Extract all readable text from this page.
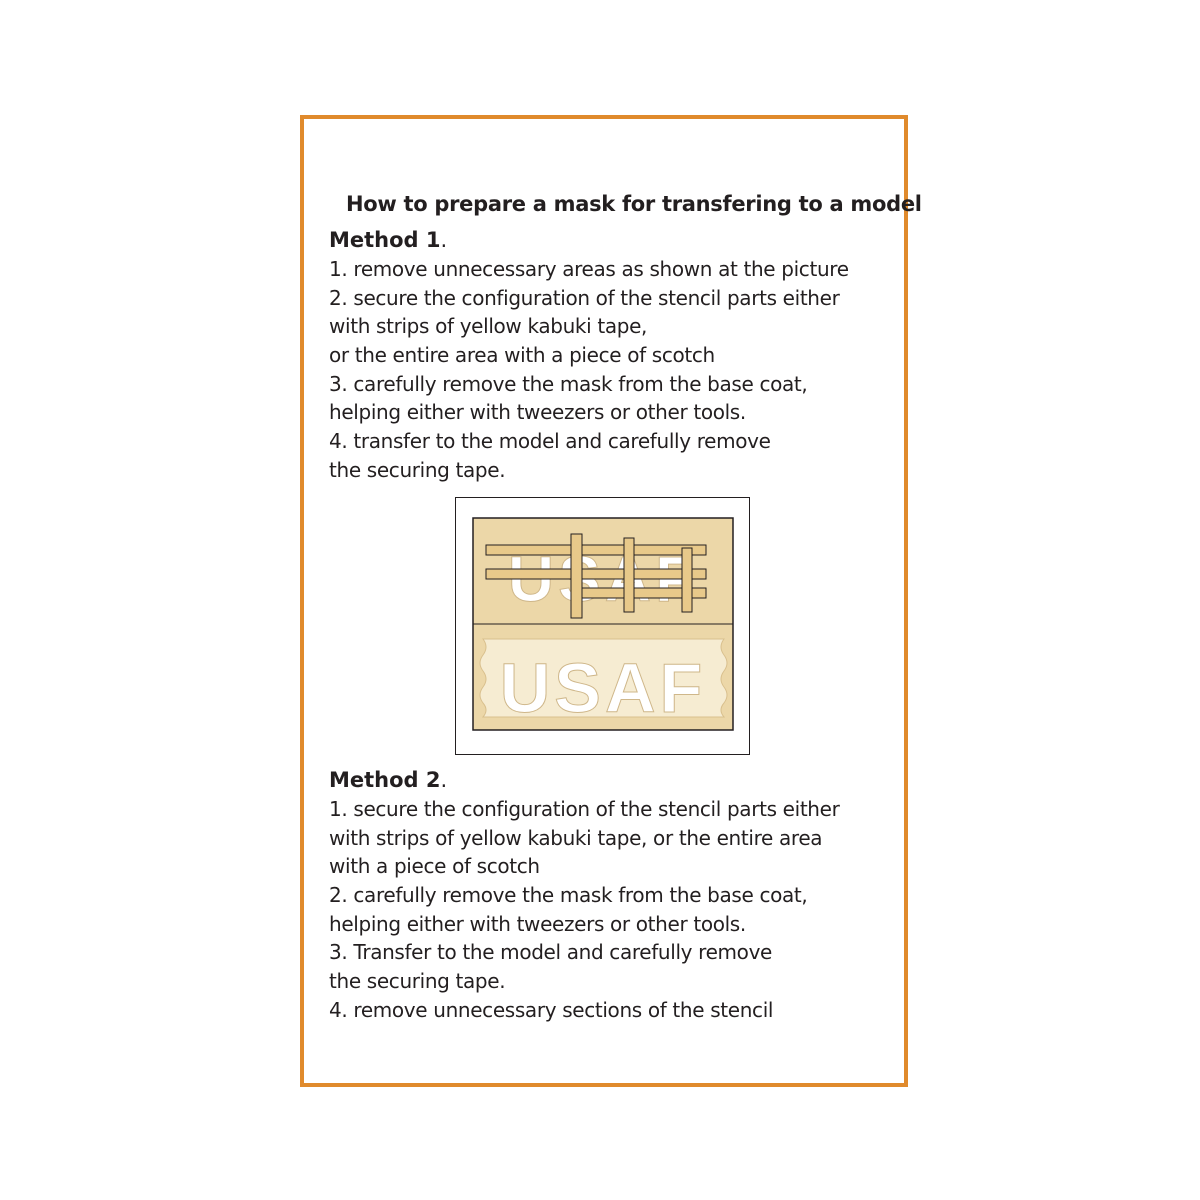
How to prepare a mask for transfering to a model
Method 1.
1. remove unnecessary areas as shown at the picture
2. secure the configuration of the stencil parts either
with strips of yellow kabuki tape,
or the entire area with a piece of scotch
3. carefully remove the mask from the base coat,
helping either with tweezers or other tools.
4. transfer to the model and carefully remove
the securing tape.
USAF
Method 2.
1. secure the configuration of the stencil parts either
with strips of yellow kabuki tape, or the entire area
with a piece of scotch
2. carefully remove the mask from the base coat,
helping either with tweezers or other tools.
3. Transfer to the model and carefully remove
the securing tape.
4. remove unnecessary sections of the stencil
